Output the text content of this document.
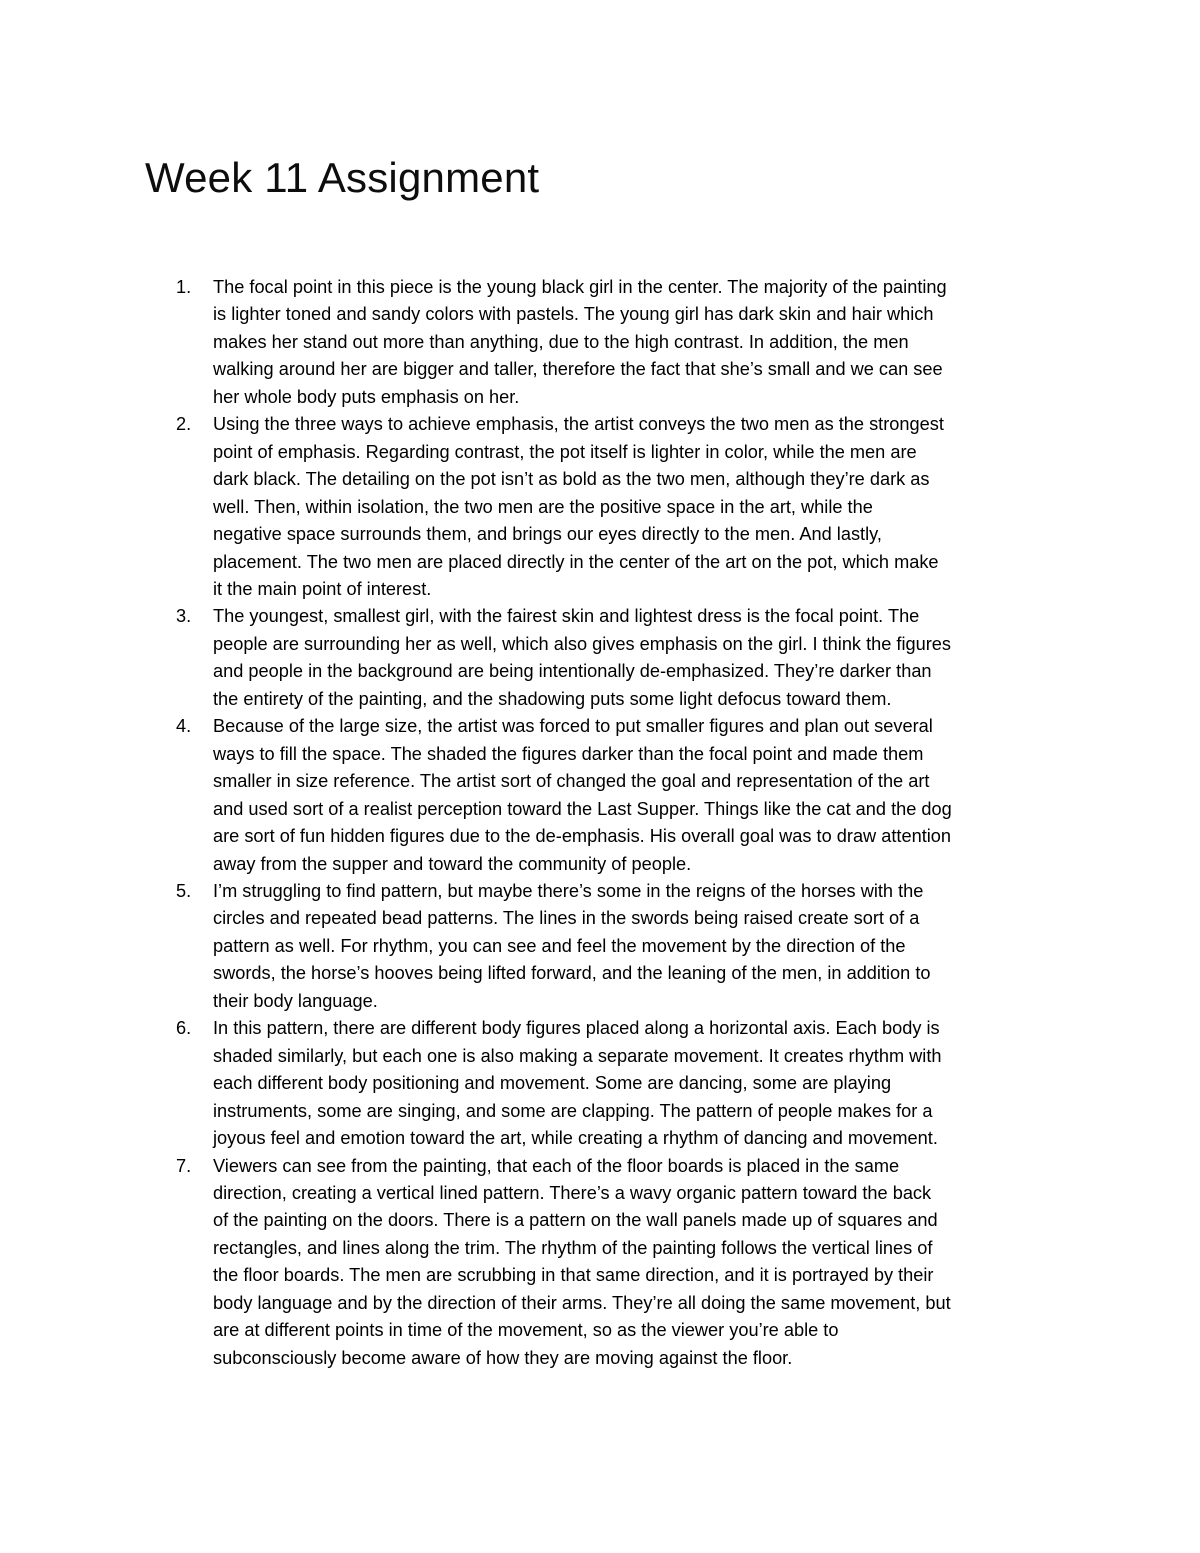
Week 11 Assignment
1.	The focal point in this piece is the young black girl in the center. The majority of the painting
is lighter toned and sandy colors with pastels. The young girl has dark skin and hair which
makes her stand out more than anything, due to the high contrast. In addition, the men
walking around her are bigger and taller, therefore the fact that she’s small and we can see
her whole body puts emphasis on her.
2.	Using the three ways to achieve emphasis, the artist conveys the two men as the strongest
point of emphasis. Regarding contrast, the pot itself is lighter in color, while the men are
dark black. The detailing on the pot isn’t as bold as the two men, although they’re dark as
well. Then, within isolation, the two men are the positive space in the art, while the
negative space surrounds them, and brings our eyes directly to the men. And lastly,
placement. The two men are placed directly in the center of the art on the pot, which make
it the main point of interest.
3.	The youngest, smallest girl, with the fairest skin and lightest dress is the focal point. The
people are surrounding her as well, which also gives emphasis on the girl. I think the figures
and people in the background are being intentionally de-emphasized. They’re darker than
the entirety of the painting, and the shadowing puts some light defocus toward them.
4.	Because of the large size, the artist was forced to put smaller figures and plan out several
ways to fill the space. The shaded the figures darker than the focal point and made them
smaller in size reference. The artist sort of changed the goal and representation of the art
and used sort of a realist perception toward the Last Supper. Things like the cat and the dog
are sort of fun hidden figures due to the de-emphasis. His overall goal was to draw attention
away from the supper and toward the community of people.
5.	I’m struggling to find pattern, but maybe there’s some in the reigns of the horses with the
circles and repeated bead patterns. The lines in the swords being raised create sort of a
pattern as well. For rhythm, you can see and feel the movement by the direction of the
swords, the horse’s hooves being lifted forward, and the leaning of the men, in addition to
their body language.
6.	In this pattern, there are different body figures placed along a horizontal axis. Each body is
shaded similarly, but each one is also making a separate movement. It creates rhythm with
each different body positioning and movement. Some are dancing, some are playing
instruments, some are singing, and some are clapping. The pattern of people makes for a
joyous feel and emotion toward the art, while creating a rhythm of dancing and movement.
7.	Viewers can see from the painting, that each of the floor boards is placed in the same
direction, creating a vertical lined pattern. There’s a wavy organic pattern toward the back
of the painting on the doors. There is a pattern on the wall panels made up of squares and
rectangles, and lines along the trim. The rhythm of the painting follows the vertical lines of
the floor boards. The men are scrubbing in that same direction, and it is portrayed by their
body language and by the direction of their arms. They’re all doing the same movement, but
are at different points in time of the movement, so as the viewer you’re able to
subconsciously become aware of how they are moving against the floor.
